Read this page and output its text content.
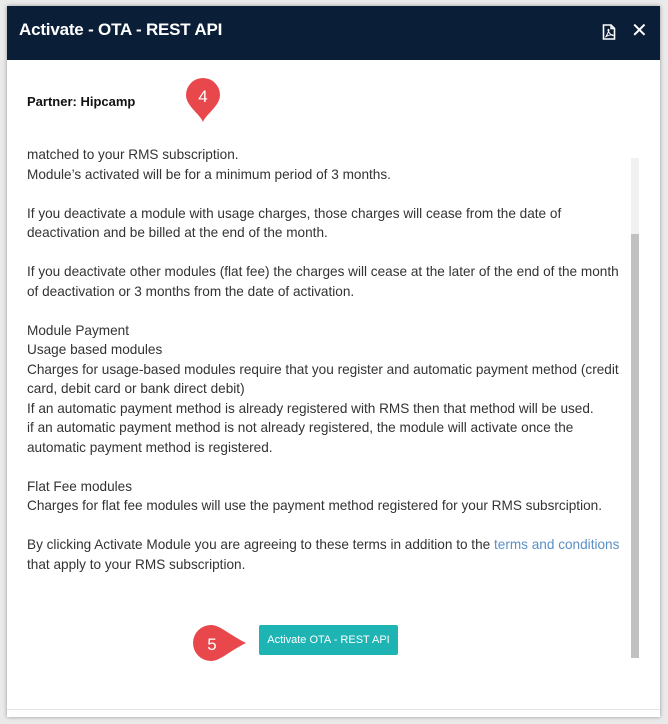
Activate - OTA - REST API	✕
Partner: Hipcamp

matched to your RMS subscription.

Module’s activated will be for a minimum period of 3 months.

If you deactivate a module with usage charges, those charges will cease from the date of deactivation and be billed at the end of the month.

If you deactivate other modules (flat fee) the charges will cease at the later of the end of the month of deactivation or 3 months from the date of activation.

Module Payment

Usage based modules

Charges for usage-based modules require that you register and automatic payment method (credit card, debit card or bank direct debit)

If an automatic payment method is already registered with RMS then that method will be used.

if an automatic payment method is not already registered, the module will activate once the automatic payment method is registered.

Flat Fee modules

Charges for flat fee modules will use the payment method registered for your RMS subsrciption.

By clicking Activate Module you are agreeing to these terms in addition to the terms and conditions that apply to your RMS subscription.

Activate OTA - REST API
4
5
